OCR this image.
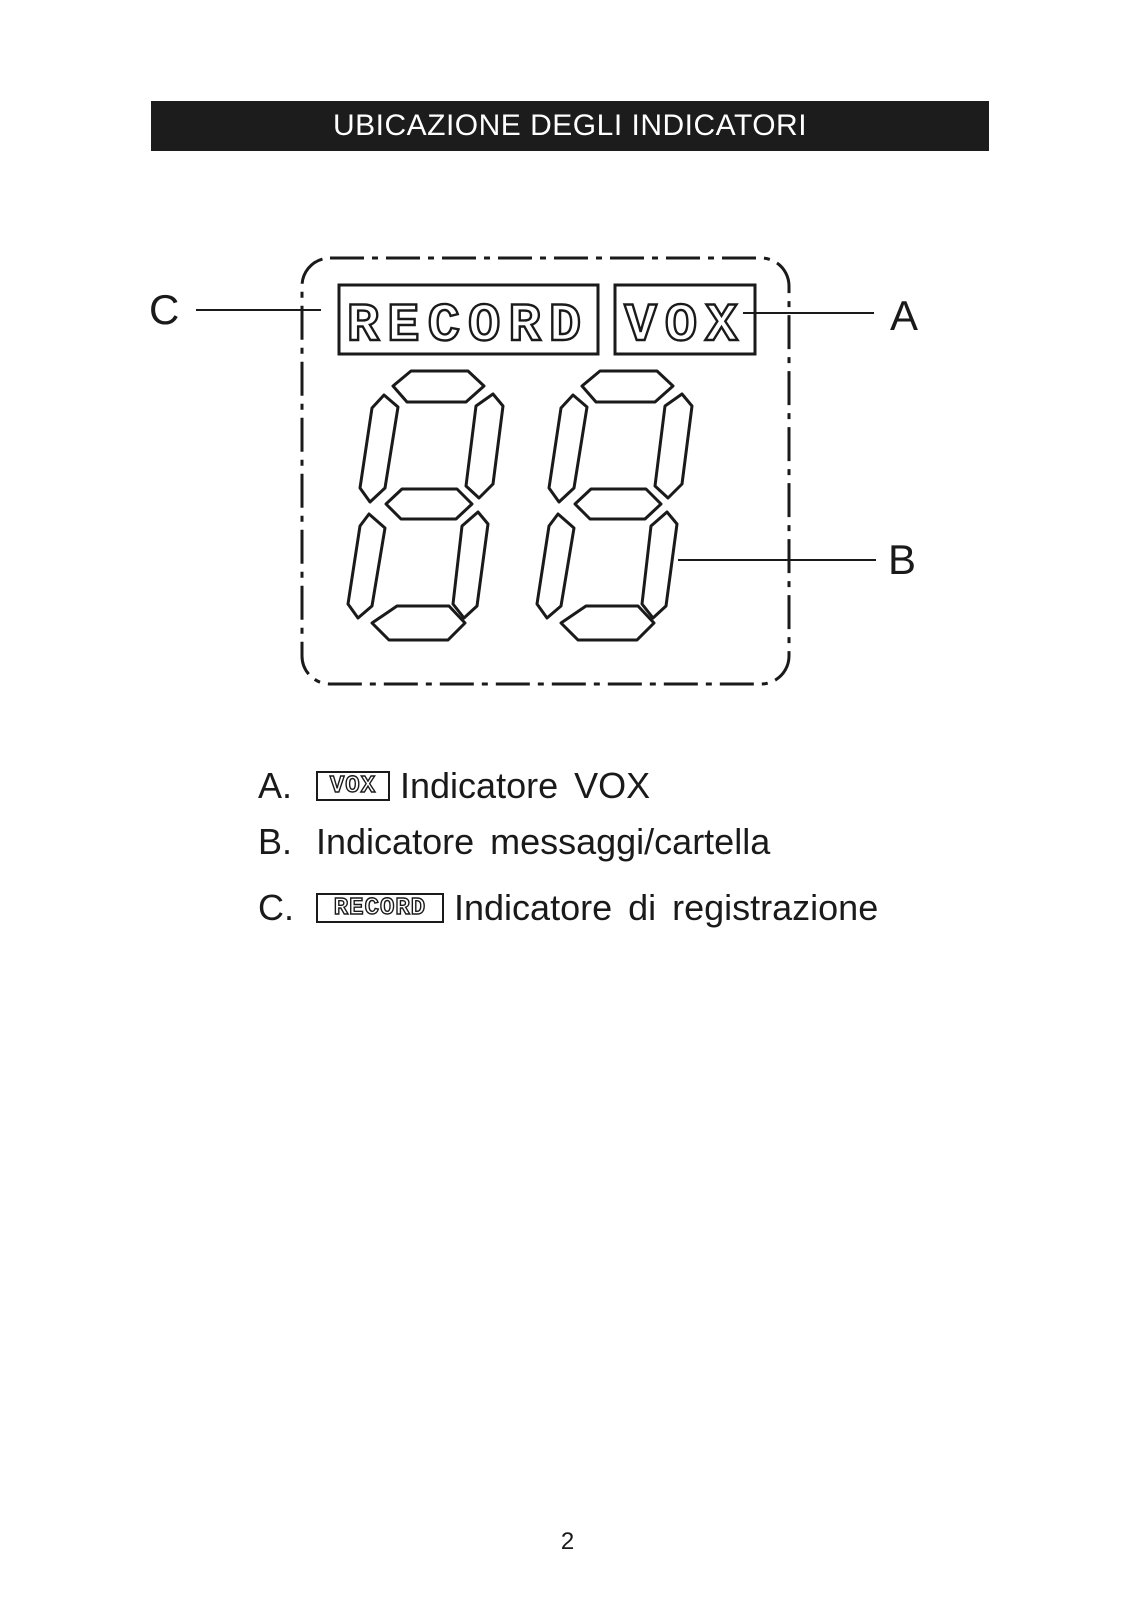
UBICAZIONE DEGLI INDICATORI
RECORD VOX
C	A
B
A.	VOX Indicatore VOX
B. Indicatore messaggi/cartella
C.	RECORD Indicatore di registrazione
2
